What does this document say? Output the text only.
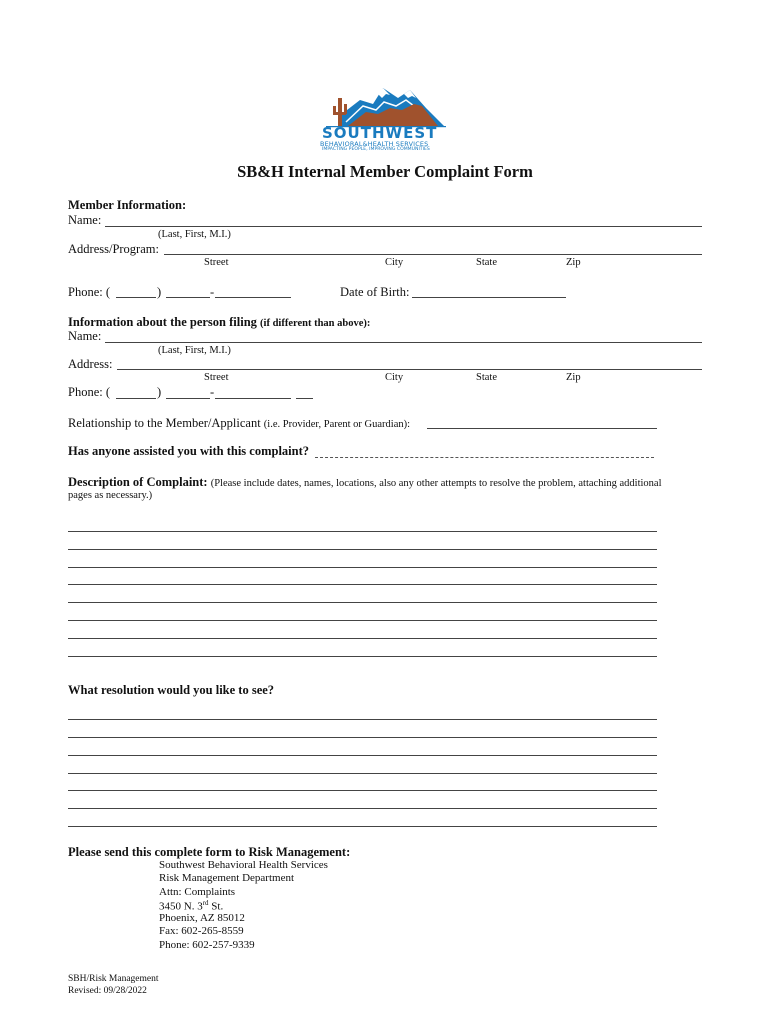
SOUTHWEST
BEHAVIORAL&HEALTH SERVICES
IMPACTING PEOPLE, IMPROVING COMMUNITIES
SB&H Internal Member Complaint Form
Member Information:
Name:
(Last, First, M.I.)
Address/Program:
Street	City	State	Zip
Phone: (	)	-	Date of Birth:
Information about the person filing (if different than above):
Name:
(Last, First, M.I.)
Address:
Street	City	State	Zip
Phone: (	)	-
Relationship to the Member/Applicant (i.e. Provider, Parent or Guardian):
Has anyone assisted you with this complaint?
Description of Complaint: (Please include dates, names, locations, also any other attempts to resolve the problem, attaching additional
pages as necessary.)
What resolution would you like to see?
Please send this complete form to Risk Management:
Southwest Behavioral Health Services
Risk Management Department
Attn: Complaints
3450 N. 3rd St.
Phoenix, AZ 85012
Fax: 602-265-8559
Phone: 602-257-9339
SBH/Risk Management
Revised: 09/28/2022
